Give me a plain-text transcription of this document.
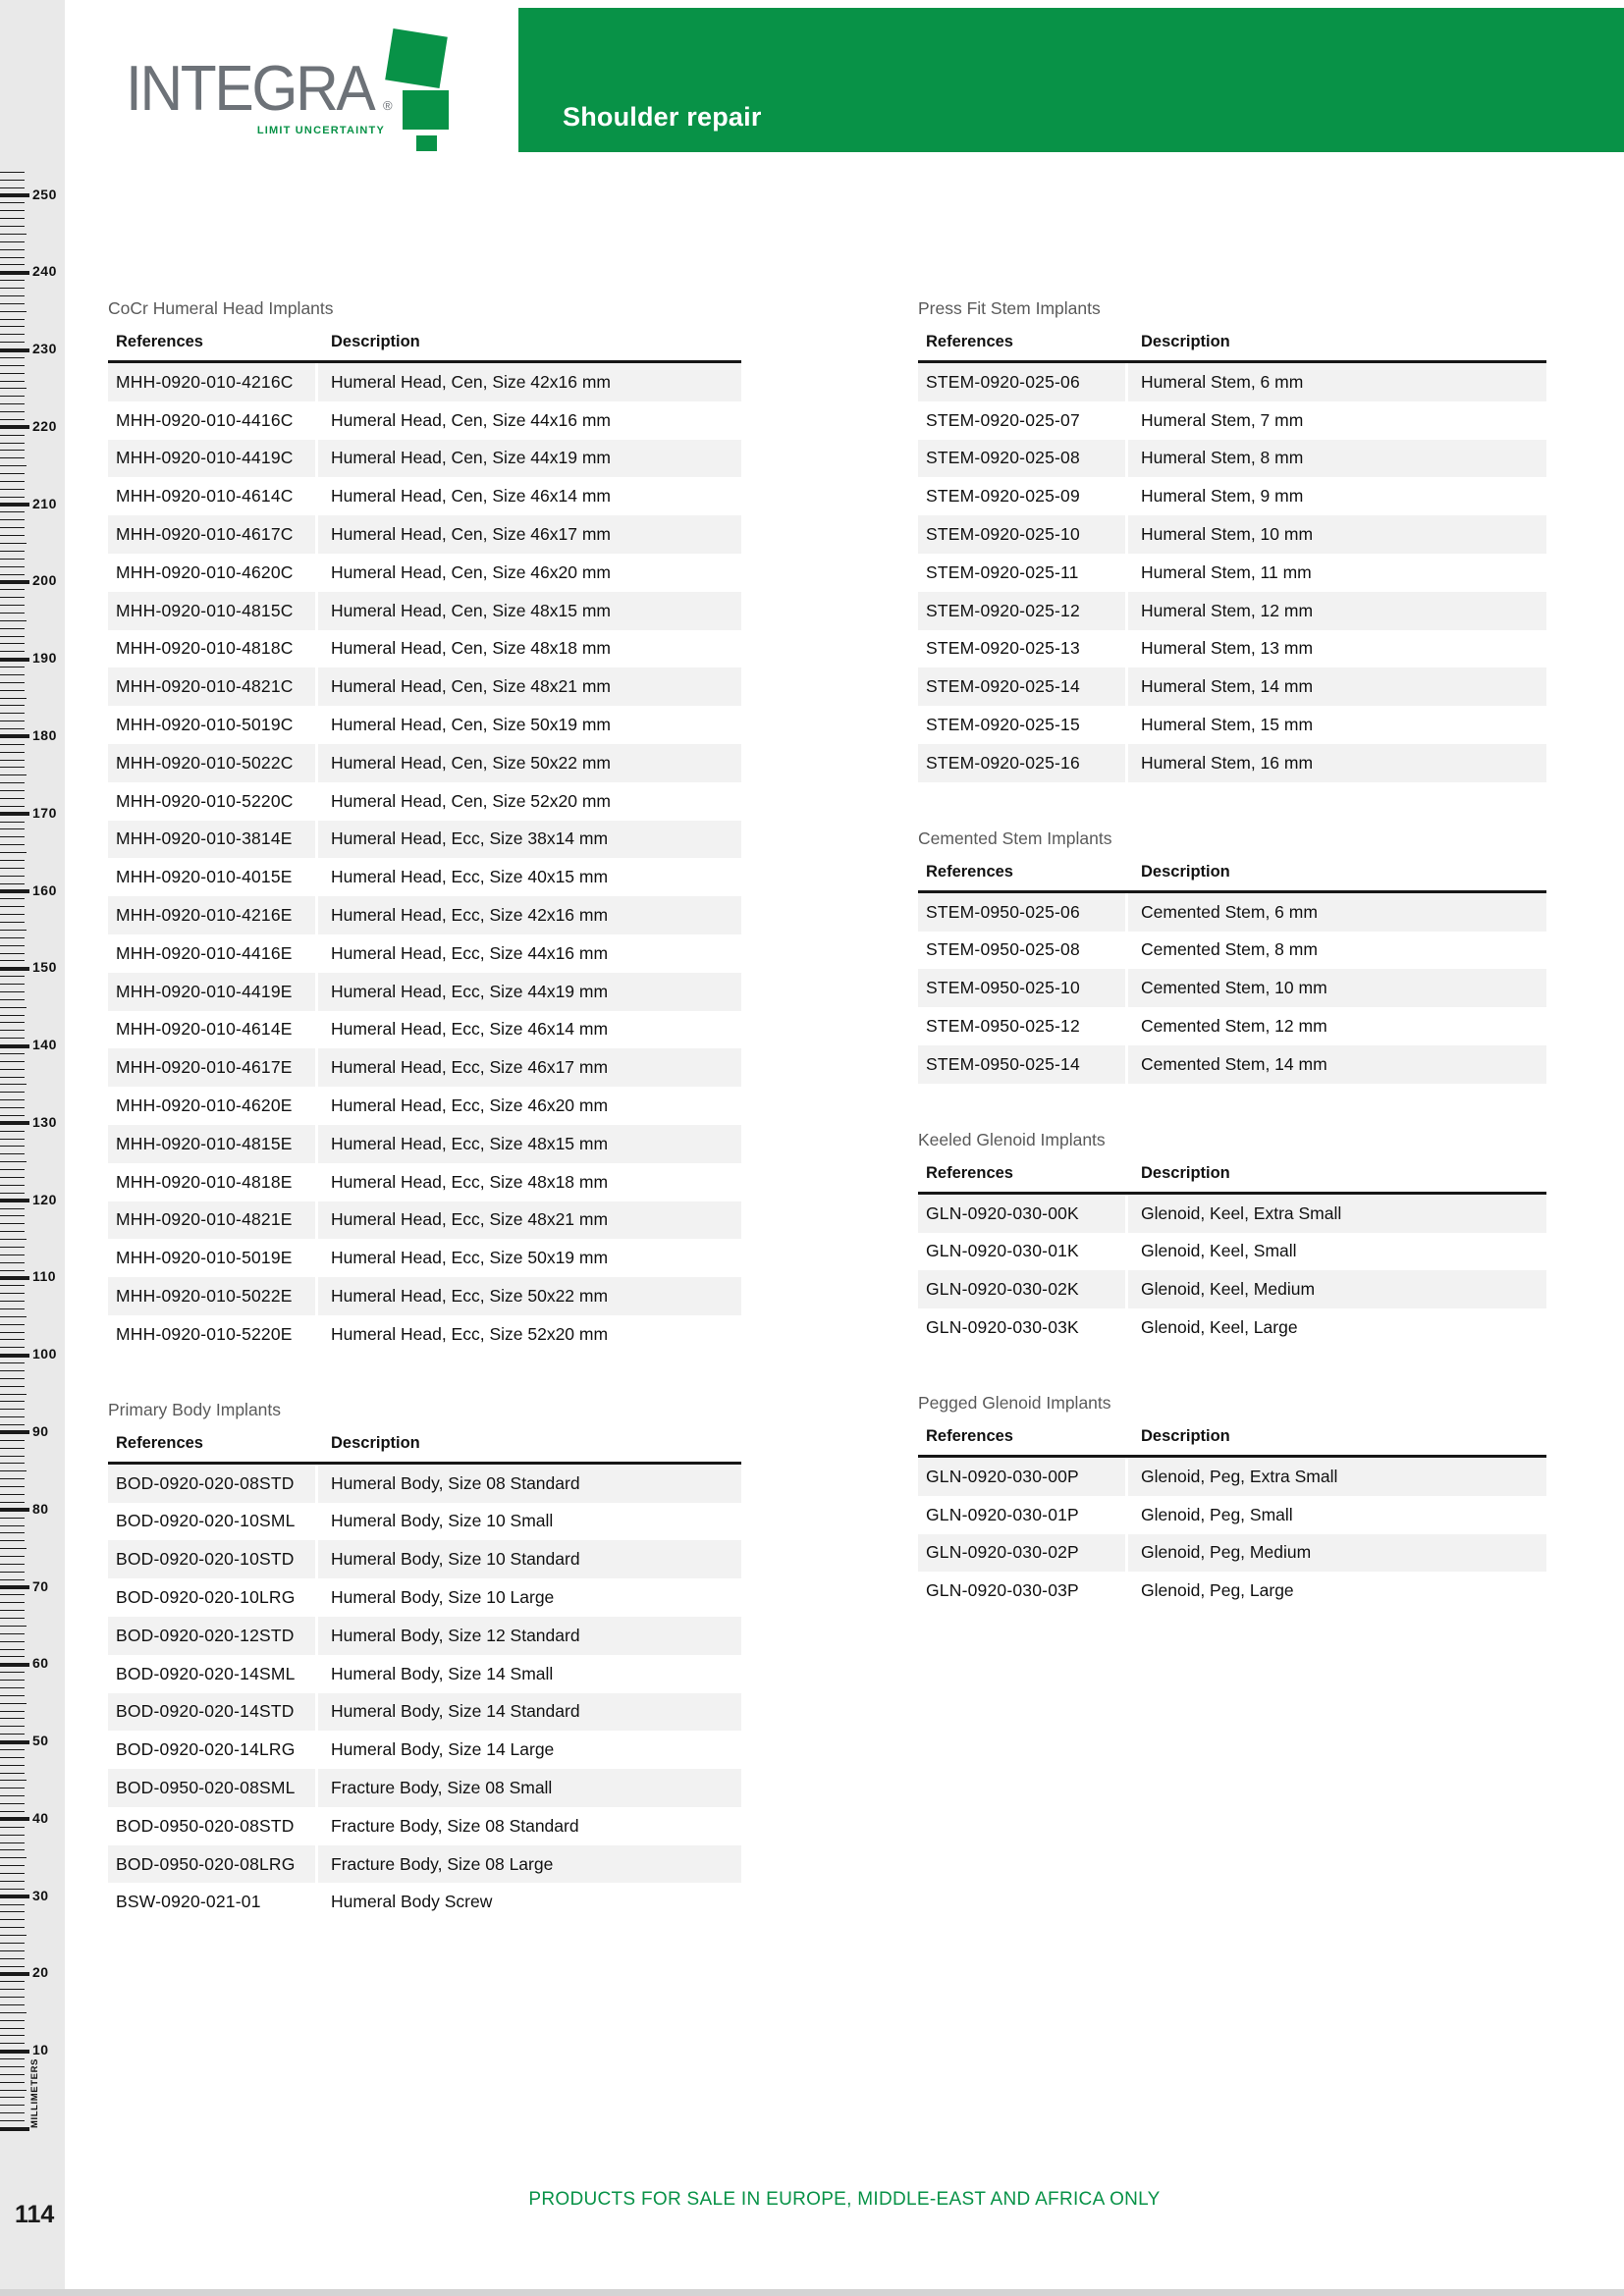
250
240
230
220
210
200
190
180
170
160
150
140
130
120
110
100
90
80
70
60
50
40
30
20
10
MILLIMETERS
114
INTEGRA ®
LIMIT UNCERTAINTY	Shoulder repair
CoCr Humeral Head Implants
References	Description
MHH-0920-010-4216C	Humeral Head, Cen, Size 42x16 mm
MHH-0920-010-4416C	Humeral Head, Cen, Size 44x16 mm
MHH-0920-010-4419C	Humeral Head, Cen, Size 44x19 mm
MHH-0920-010-4614C	Humeral Head, Cen, Size 46x14 mm
MHH-0920-010-4617C	Humeral Head, Cen, Size 46x17 mm
MHH-0920-010-4620C	Humeral Head, Cen, Size 46x20 mm
MHH-0920-010-4815C	Humeral Head, Cen, Size 48x15 mm
MHH-0920-010-4818C	Humeral Head, Cen, Size 48x18 mm
MHH-0920-010-4821C	Humeral Head, Cen, Size 48x21 mm
MHH-0920-010-5019C	Humeral Head, Cen, Size 50x19 mm
MHH-0920-010-5022C	Humeral Head, Cen, Size 50x22 mm
MHH-0920-010-5220C	Humeral Head, Cen, Size 52x20 mm
MHH-0920-010-3814E	Humeral Head, Ecc, Size 38x14 mm
MHH-0920-010-4015E	Humeral Head, Ecc, Size 40x15 mm
MHH-0920-010-4216E	Humeral Head, Ecc, Size 42x16 mm
MHH-0920-010-4416E	Humeral Head, Ecc, Size 44x16 mm
MHH-0920-010-4419E	Humeral Head, Ecc, Size 44x19 mm
MHH-0920-010-4614E	Humeral Head, Ecc, Size 46x14 mm
MHH-0920-010-4617E	Humeral Head, Ecc, Size 46x17 mm
MHH-0920-010-4620E	Humeral Head, Ecc, Size 46x20 mm
MHH-0920-010-4815E	Humeral Head, Ecc, Size 48x15 mm
MHH-0920-010-4818E	Humeral Head, Ecc, Size 48x18 mm
MHH-0920-010-4821E	Humeral Head, Ecc, Size 48x21 mm
MHH-0920-010-5019E	Humeral Head, Ecc, Size 50x19 mm
MHH-0920-010-5022E	Humeral Head, Ecc, Size 50x22 mm
MHH-0920-010-5220E	Humeral Head, Ecc, Size 52x20 mm
Primary Body Implants
References	Description
BOD-0920-020-08STD	Humeral Body, Size 08 Standard
BOD-0920-020-10SML	Humeral Body, Size 10 Small
BOD-0920-020-10STD	Humeral Body, Size 10 Standard
BOD-0920-020-10LRG	Humeral Body, Size 10 Large
BOD-0920-020-12STD	Humeral Body, Size 12 Standard
BOD-0920-020-14SML	Humeral Body, Size 14 Small
BOD-0920-020-14STD	Humeral Body, Size 14 Standard
BOD-0920-020-14LRG	Humeral Body, Size 14 Large
BOD-0950-020-08SML	Fracture Body, Size 08 Small
BOD-0950-020-08STD	Fracture Body, Size 08 Standard
BOD-0950-020-08LRG	Fracture Body, Size 08 Large
BSW-0920-021-01	Humeral Body Screw
Press Fit Stem Implants
References	Description
STEM-0920-025-06	Humeral Stem, 6 mm
STEM-0920-025-07	Humeral Stem, 7 mm
STEM-0920-025-08	Humeral Stem, 8 mm
STEM-0920-025-09	Humeral Stem, 9 mm
STEM-0920-025-10	Humeral Stem, 10 mm
STEM-0920-025-11	Humeral Stem, 11 mm
STEM-0920-025-12	Humeral Stem, 12 mm
STEM-0920-025-13	Humeral Stem, 13 mm
STEM-0920-025-14	Humeral Stem, 14 mm
STEM-0920-025-15	Humeral Stem, 15 mm
STEM-0920-025-16	Humeral Stem, 16 mm
Cemented Stem Implants
References	Description
STEM-0950-025-06	Cemented Stem, 6 mm
STEM-0950-025-08	Cemented Stem, 8 mm
STEM-0950-025-10	Cemented Stem, 10 mm
STEM-0950-025-12	Cemented Stem, 12 mm
STEM-0950-025-14	Cemented Stem, 14 mm
Keeled Glenoid Implants
References	Description
GLN-0920-030-00K	Glenoid, Keel, Extra Small
GLN-0920-030-01K	Glenoid, Keel, Small
GLN-0920-030-02K	Glenoid, Keel, Medium
GLN-0920-030-03K	Glenoid, Keel, Large
Pegged Glenoid Implants
References	Description
GLN-0920-030-00P	Glenoid, Peg, Extra Small
GLN-0920-030-01P	Glenoid, Peg, Small
GLN-0920-030-02P	Glenoid, Peg, Medium
GLN-0920-030-03P	Glenoid, Peg, Large
PRODUCTS FOR SALE IN EUROPE, MIDDLE-EAST AND AFRICA ONLY
